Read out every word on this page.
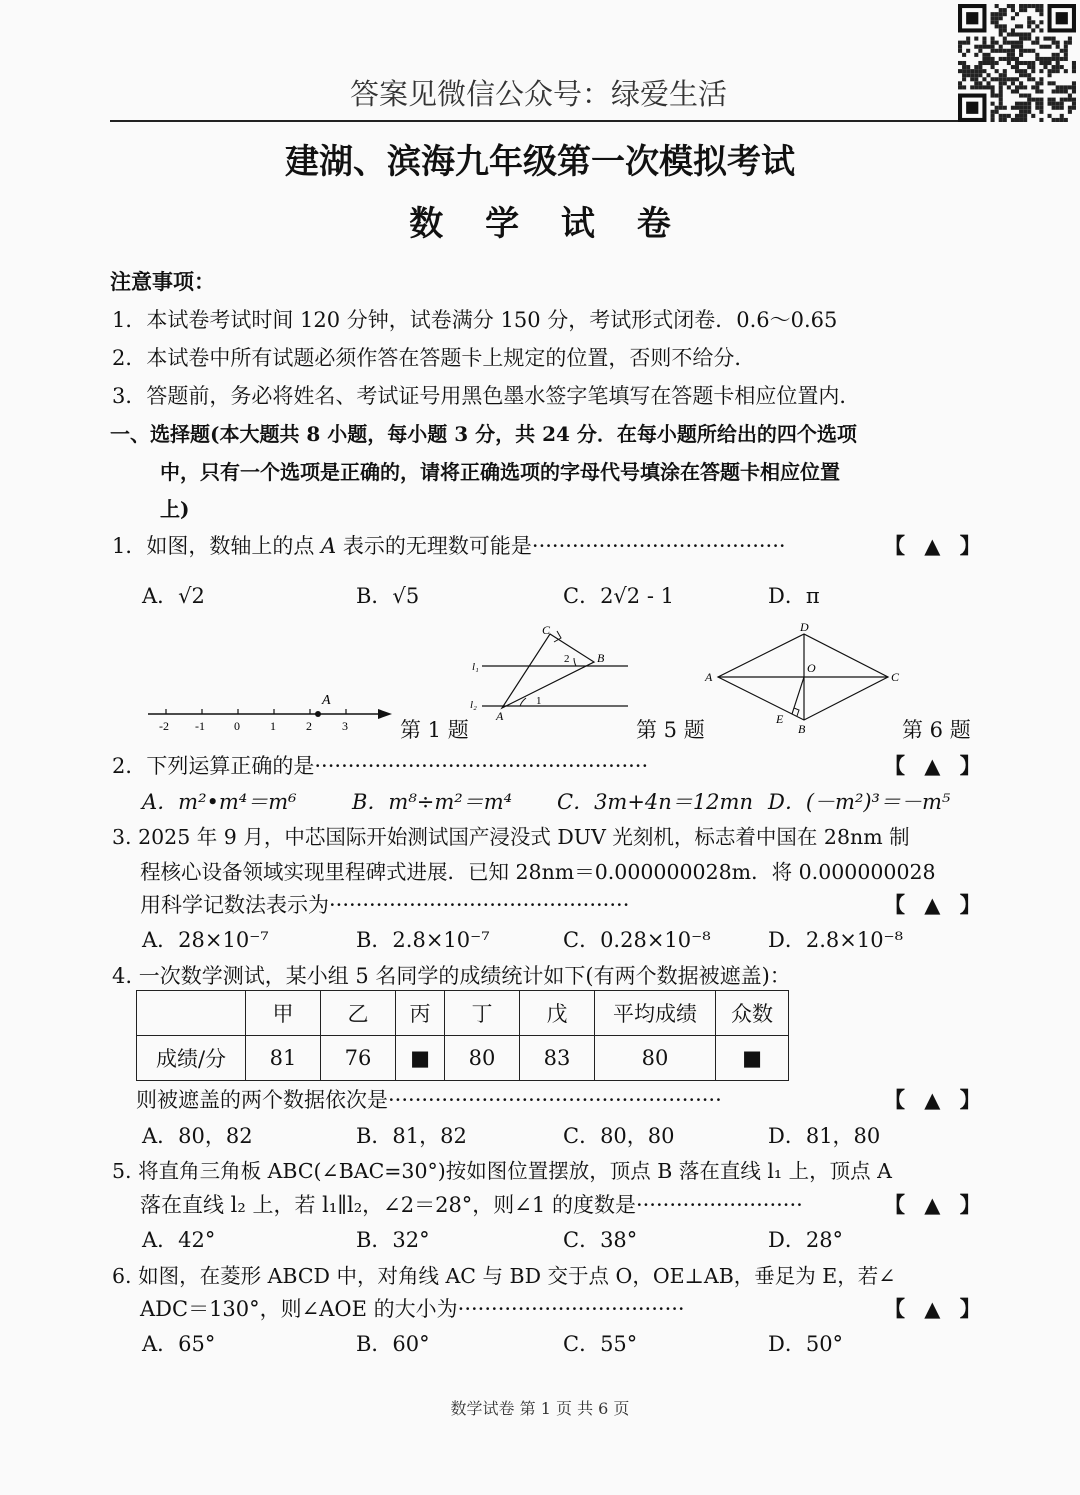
答案见微信公众号：绿爱生活
建湖、滨海九年级第一次模拟考试
数 学 试 卷
注意事项：
1．本试卷考试时间 120 分钟，试卷满分 150 分，考试形式闭卷．0.6～0.65
2．本试卷中所有试题必须作答在答题卡上规定的位置，否则不给分．
3．答题前，务必将姓名、考试证号用黑色墨水签字笔填写在答题卡相应位置内．
一、选择题(本大题共 8 小题，每小题 3 分，共 24 分．在每小题所给出的四个选项
中，只有一个选项是正确的，请将正确选项的字母代号填涂在答题卡相应位置
上)
1．如图，数轴上的点 A 表示的无理数可能是······································	【 ▲ 】
A．√2	B．√5	C．2√2 - 1	D．π
-2 -1 0	1	2	3
A
第 1 题
C
B
A
l₁
l₂
2
1
第 5 题
D
C
A
B
O
E	第 6 题
2．下列运算正确的是··················································	【 ▲ 】
A．m²•m⁴＝m⁶	B．m⁸÷m²＝m⁴ C．3m+4n＝12mn D．(－m²)³＝－m⁵
3. 2025 年 9 月，中芯国际开始测试国产浸没式 DUV 光刻机，标志着中国在 28nm 制
程核心设备领域实现里程碑式进展．已知 28nm＝0.000000028m．将 0.000000028
用科学记数法表示为·············································	【 ▲ 】
A．28×10⁻⁷	B．2.8×10⁻⁷	C．0.28×10⁻⁸	D．2.8×10⁻⁸
4. 一次数学测试，某小组 5 名同学的成绩统计如下(有两个数据被遮盖)：
	甲	乙	丙	丁	戊	平均成绩	众数
成绩/分	81	76	■	80	83	80	■
则被遮盖的两个数据依次是··················································	【 ▲ 】
A．80，82	B．81，82	C．80，80	D．81，80
5. 将直角三角板 ABC(∠BAC=30°)按如图位置摆放，顶点 B 落在直线 l₁ 上，顶点 A
落在直线 l₂ 上，若 l₁∥l₂，∠2＝28°，则∠1 的度数是·························	【 ▲ 】
A．42°	B．32°	C．38°	D．28°
6. 如图，在菱形 ABCD 中，对角线 AC 与 BD 交于点 O，OE⊥AB，垂足为 E，若∠
ADC＝130°，则∠AOE 的大小为··································	【 ▲ 】
A．65°	B．60°	C．55°	D．50°
数学试卷 第 1 页 共 6 页
